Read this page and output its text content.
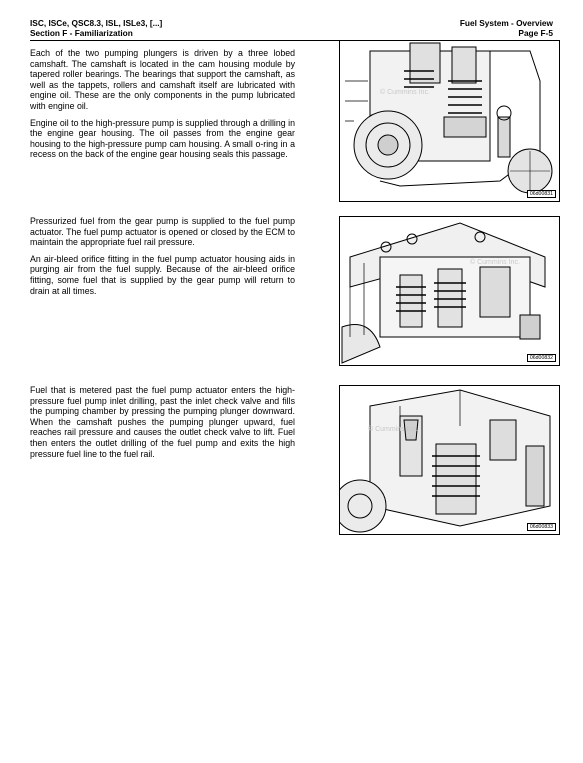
ISC, ISCe, QSC8.3, ISL, ISLe3, [...]
Section F - Familiarization
Fuel System - Overview
Page F-5

Each of the two pumping plungers is driven by a three lobed camshaft. The camshaft is located in the cam housing module by tapered roller bearings. The bearings that support the camshaft, as well as the tappets, rollers and camshaft itself are lubricated with engine oil. These are the only components in the pump lubricated with engine oil.

Engine oil to the high-pressure pump is supplied through a drilling in the engine gear housing. The oil passes from the engine gear housing to the high-pressure pump cam housing. A small o-ring in a recess on the back of the engine gear housing seals this passage.

© Cummins Inc.
06d00831

Pressurized fuel from the gear pump is supplied to the fuel pump actuator. The fuel pump actuator is opened or closed by the ECM to maintain the appropriate fuel rail pressure.

An air-bleed orifice fitting in the fuel pump actuator housing aids in purging air from the fuel supply. Because of the air-bleed orifice fitting, some fuel that is supplied by the gear pump will return to drain at all times.

© Cummins Inc.
06d00832

Fuel that is metered past the fuel pump actuator enters the high-pressure fuel pump inlet drilling, past the inlet check valve and fills the pumping chamber by pressing the pumping plunger downward. When the camshaft pushes the pumping plunger upward, fuel reaches rail pressure and causes the outlet check valve to lift. Fuel then enters the outlet drilling of the fuel pump and exits the high pressure fuel line to the fuel rail.

© Cummins Inc.
06d00833
